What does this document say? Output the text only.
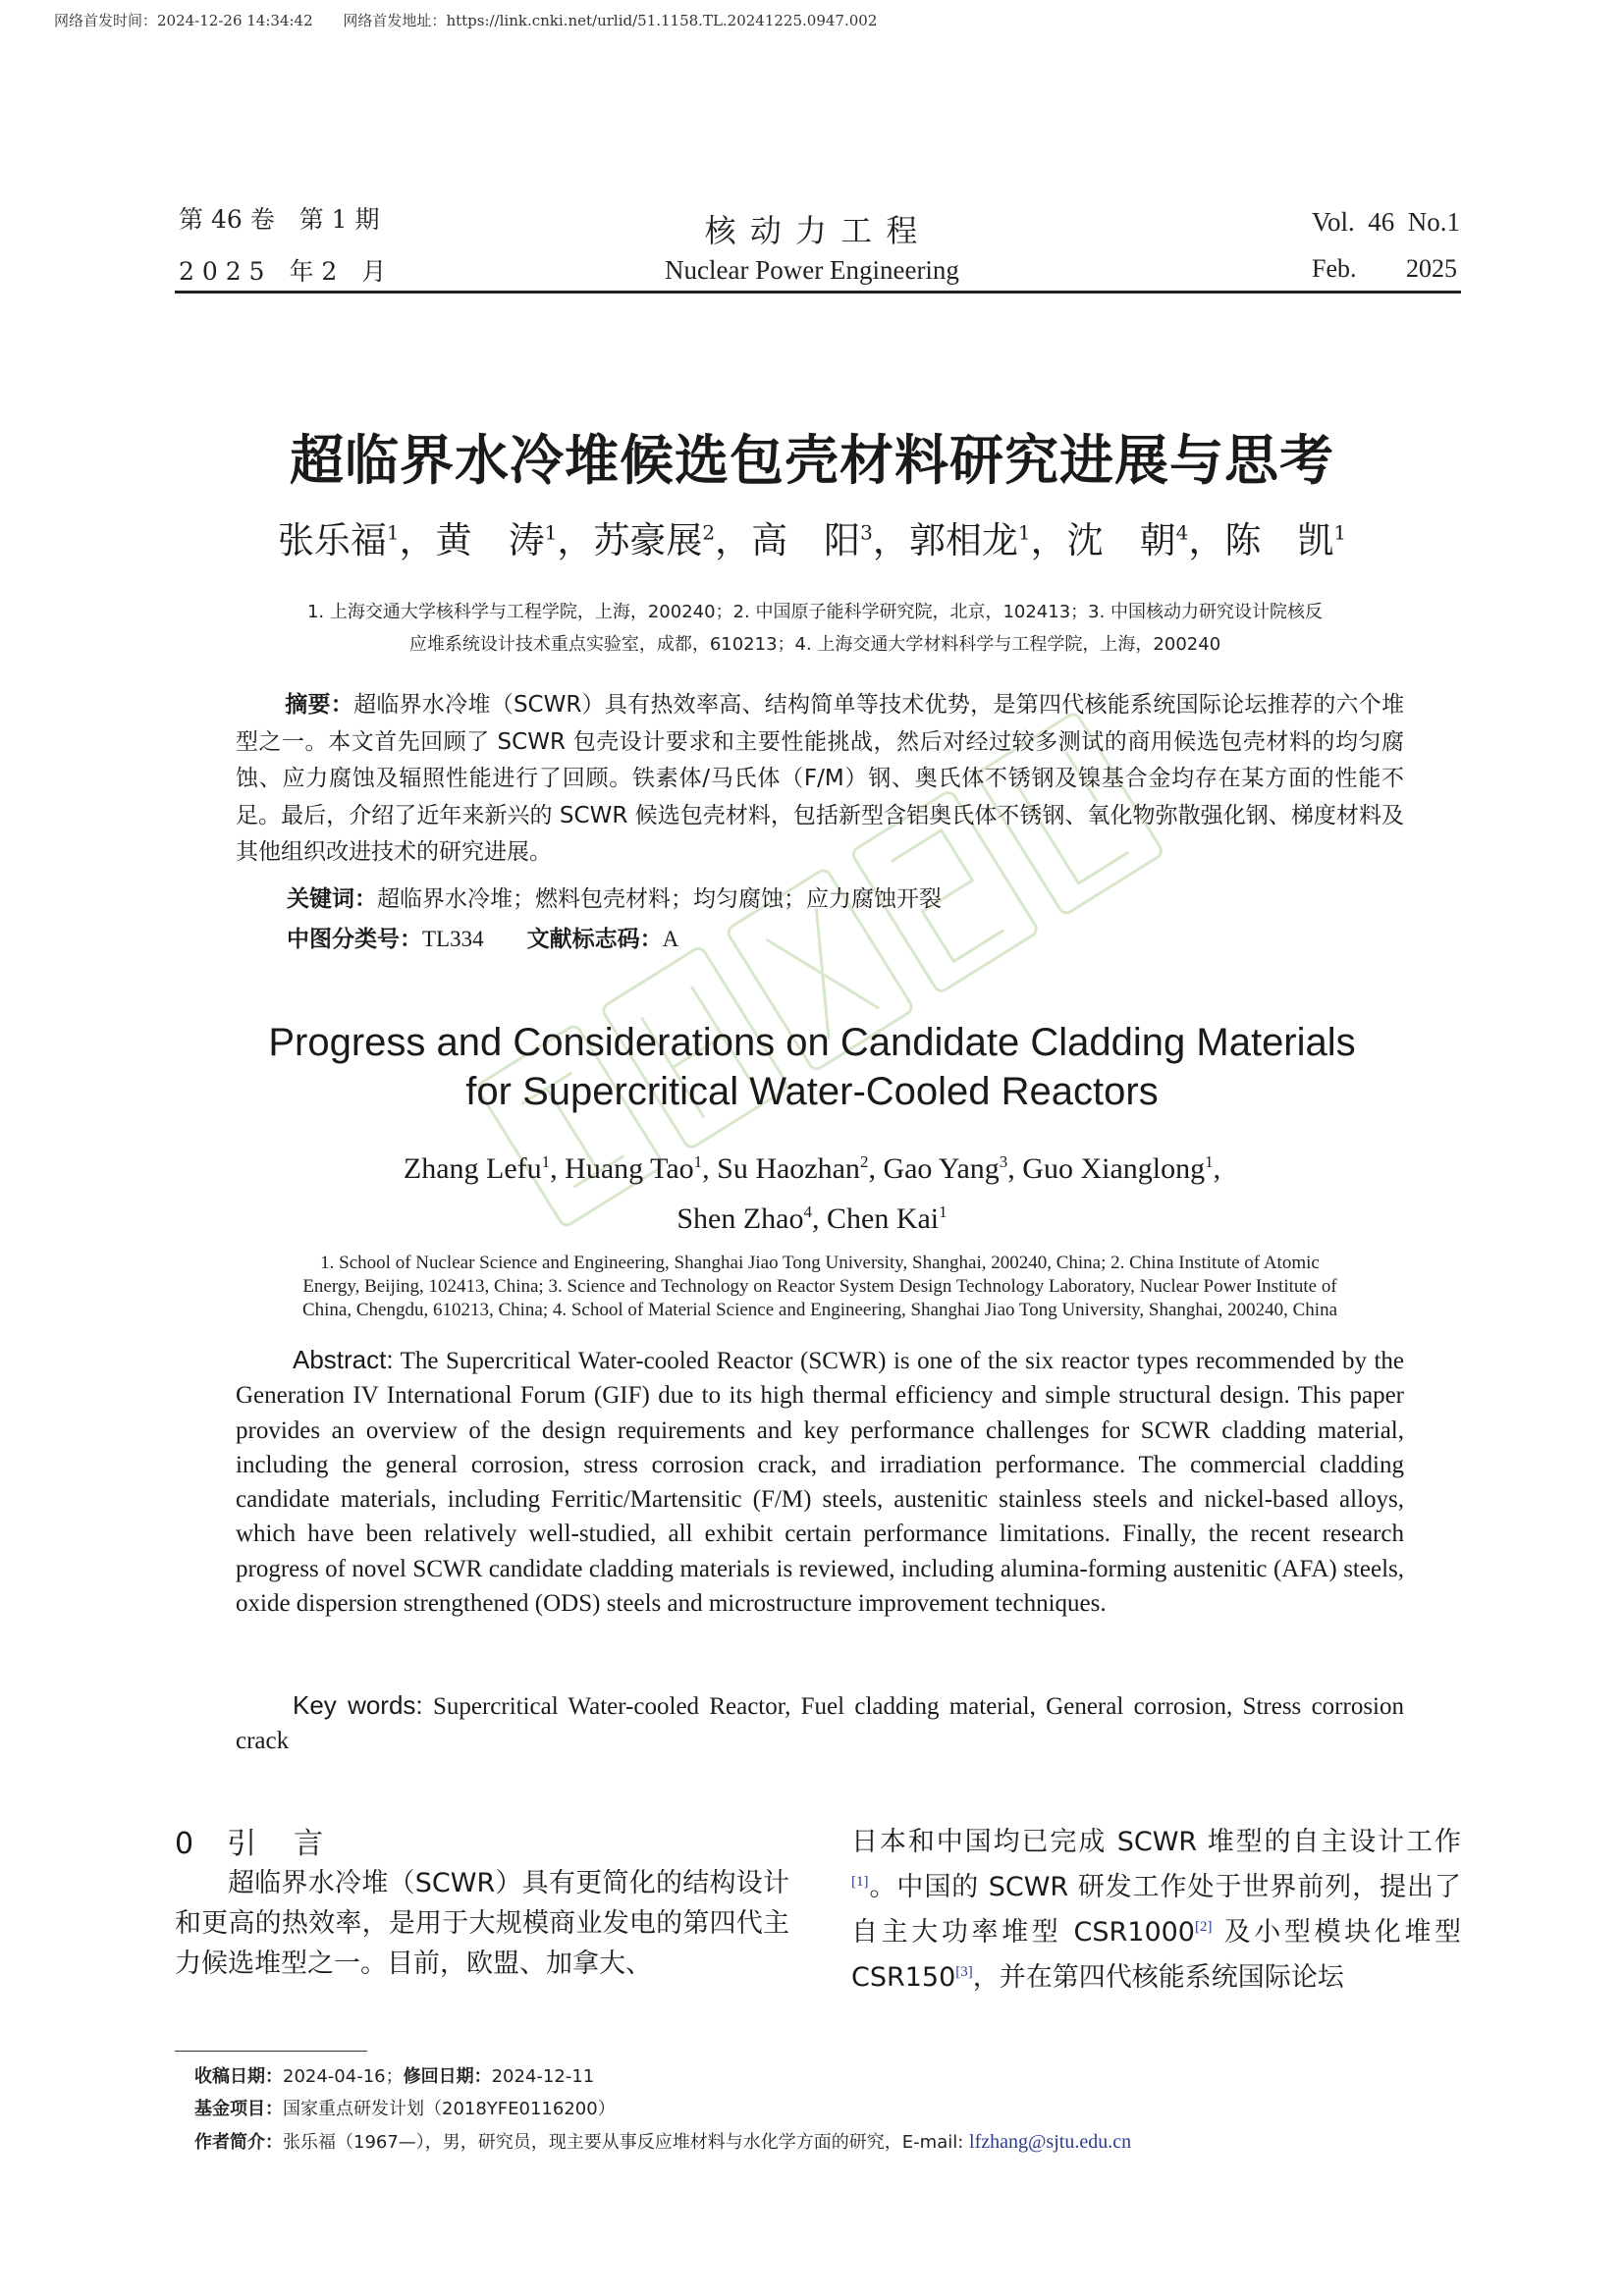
网络首发时间：2024-12-26 14:34:42 网络首发地址：https://link.cnki.net/urlid/51.1158.TL.20241225.0947.002
第 46 卷　第 1 期
2 0 2 5　年 2　月
核 动 力 工 程
Nuclear Power Engineering
Vol.  46  No.1
Feb. 2025
超临界水冷堆候选包壳材料研究进展与思考
张乐福$^1$，黄　涛$^1$，苏豪展$^2$，高　阳$^3$，郭相龙$^1$，沈　朝$^4$，陈　凯$^1$
1. 上海交通大学核科学与工程学院，上海，200240；2. 中国原子能科学研究院，北京，102413；3. 中国核动力研究设计院核反
应堆系统设计技术重点实验室，成都，610213；4. 上海交通大学材料科学与工程学院，上海，200240
摘要：超临界水冷堆（SCWR）具有热效率高、结构简单等技术优势，是第四代核能系统国际论坛推荐的六个堆型之一。本文首先回顾了 SCWR 包壳设计要求和主要性能挑战，然后对经过较多测试的商用候选包壳材料的均匀腐蚀、应力腐蚀及辐照性能进行了回顾。铁素体/马氏体（F/M）钢、奥氏体不锈钢及镍基合金均存在某方面的性能不足。最后，介绍了近年来新兴的 SCWR 候选包壳材料，包括新型含铝奥氏体不锈钢、氧化物弥散强化钢、梯度材料及其他组织改进技术的研究进展。
关键词：超临界水冷堆；燃料包壳材料；均匀腐蚀；应力腐蚀开裂
中图分类号：TL334 文献标志码：A
Progress and Considerations on Candidate Cladding Materials
for Supercritical Water-Cooled Reactors
Zhang Lefu$^1$, Huang Tao$^1$, Su Haozhan$^2$, Gao Yang$^3$, Guo Xianglong$^1$,
Shen Zhao$^4$, Chen Kai$^1$
1. School of Nuclear Science and Engineering, Shanghai Jiao Tong University, Shanghai, 200240, China; 2. China Institute of Atomic
Energy, Beijing, 102413, China; 3. Science and Technology on Reactor System Design Technology Laboratory, Nuclear Power Institute of
China, Chengdu, 610213, China; 4. School of Material Science and Engineering, Shanghai Jiao Tong University, Shanghai, 200240, China
Abstract: The Supercritical Water-cooled Reactor (SCWR) is one of the six reactor types recommended by the Generation IV International Forum (GIF) due to its high thermal efficiency and simple structural design. This paper provides an overview of the design requirements and key performance challenges for SCWR cladding material, including the general corrosion, stress corrosion crack, and irradiation performance. The commercial cladding candidate materials, including Ferritic/Martensitic (F/M) steels, austenitic stainless steels and nickel-based alloys, which have been relatively well-studied, all exhibit certain performance limitations. Finally, the recent research progress of novel SCWR candidate cladding materials is reviewed, including alumina-forming austenitic (AFA) steels, oxide dispersion strengthened (ODS) steels and microstructure improvement techniques.
Key words: Supercritical Water-cooled Reactor, Fuel cladding material, General corrosion, Stress corrosion crack
0 引　言
超临界水冷堆（SCWR）具有更简化的结构设计和更高的热效率，是用于大规模商业发电的第四代主力候选堆型之一。目前，欧盟、加拿大、
日本和中国均已完成 SCWR 堆型的自主设计工作[1]。中国的 SCWR 研发工作处于世界前列，提出了自主大功率堆型 CSR1000[2] 及小型模块化堆型 CSR150[3]，并在第四代核能系统国际论坛
收稿日期：2024-04-16；修回日期：2024-12-11
基金项目：国家重点研发计划（2018YFE0116200）
作者简介：张乐福（1967—），男，研究员，现主要从事反应堆材料与水化学方面的研究，E-mail: lfzhang@sjtu.edu.cn
